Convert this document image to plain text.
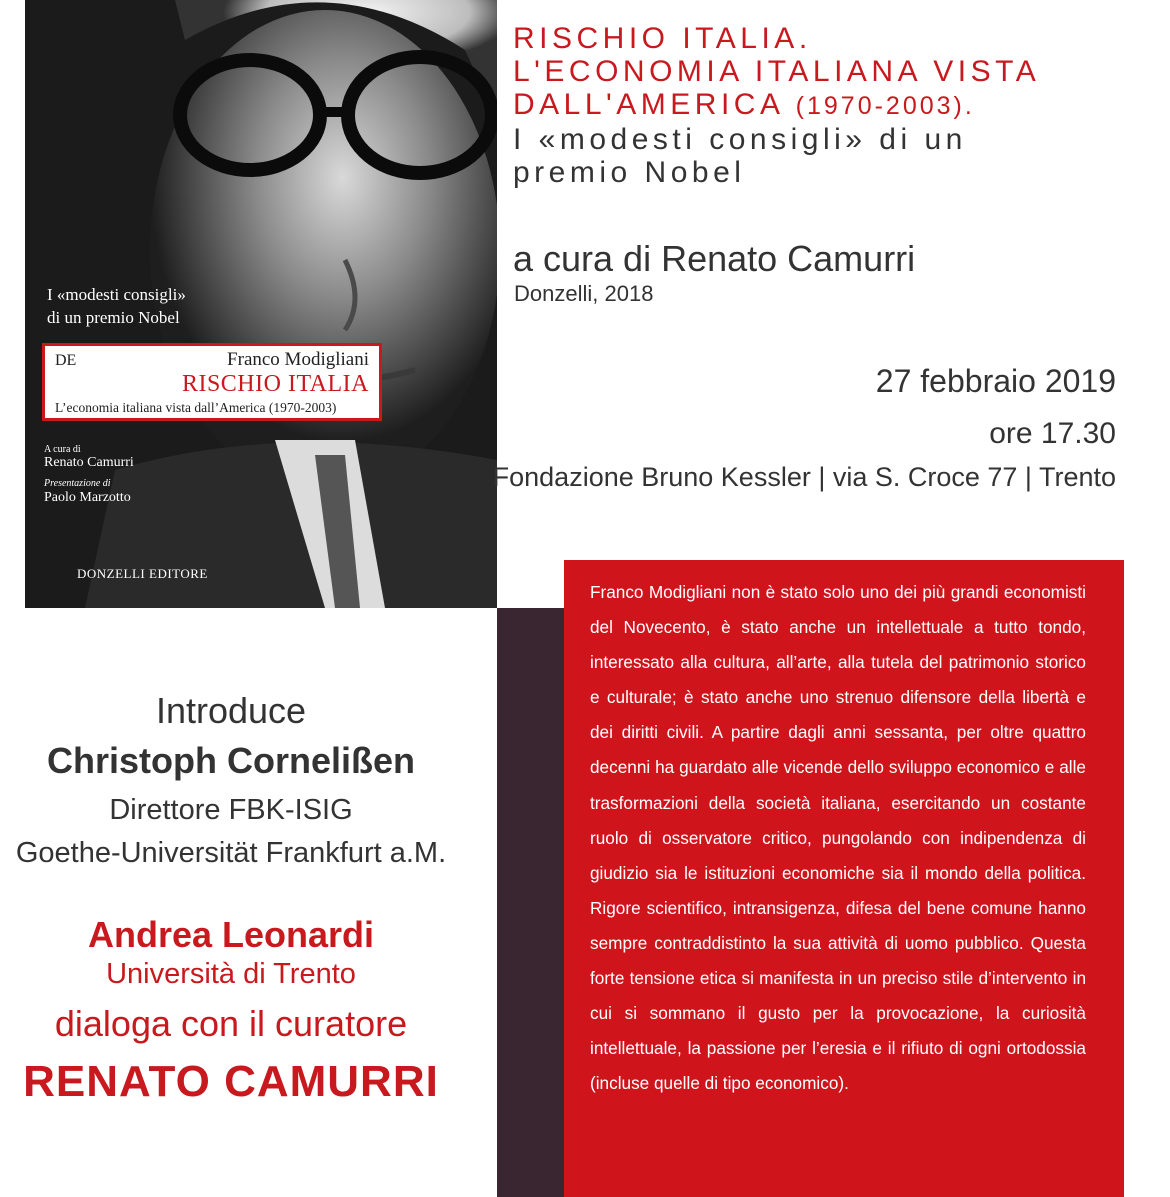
I «modesti consigli»
di un premio Nobel
DE	Franco Modigliani
RISCHIO ITALIA
L’economia italiana vista dall’America (1970-2003)
A cura di
Renato Camurri
Presentazione di
Paolo Marzotto
DONZELLI EDITORE
RISCHIO ITALIA.
L'ECONOMIA ITALIANA VISTA
DALL'AMERICA (1970-2003).
I «modesti consigli» di un
premio Nobel
a cura di Renato Camurri
Donzelli, 2018
27 febbraio 2019
ore 17.30
Fondazione Bruno Kessler | via S. Croce 77 | Trento
Franco Modigliani non è stato solo uno dei più grandi economisti del Novecento, è stato anche un intellettuale a tutto tondo, interessato alla cultura, all’arte, alla tutela del patrimonio storico e culturale; è stato anche uno strenuo difensore della libertà e dei diritti civili. A partire dagli anni sessanta, per oltre quattro decenni ha guardato alle vicende dello sviluppo economico e alle trasformazioni della società italiana, esercitando un costante ruolo di osservatore critico, pungolando con indipendenza di giudizio sia le istituzioni economiche sia il mondo della politica. Rigore scientifico, intransigenza, difesa del bene comune hanno sempre contraddistinto la sua attività di uomo pubblico. Questa forte tensione etica si manifesta in un preciso stile d’intervento in cui si sommano il gusto per la provocazione, la curiosità intellettuale, la passione per l’eresia e il rifiuto di ogni ortodossia (incluse quelle di tipo economico).
Introduce
Christoph Cornelißen
Direttore FBK-ISIG
Goethe-Universität Frankfurt a.M.
Andrea Leonardi
Università di Trento
dialoga con il curatore
RENATO CAMURRI
